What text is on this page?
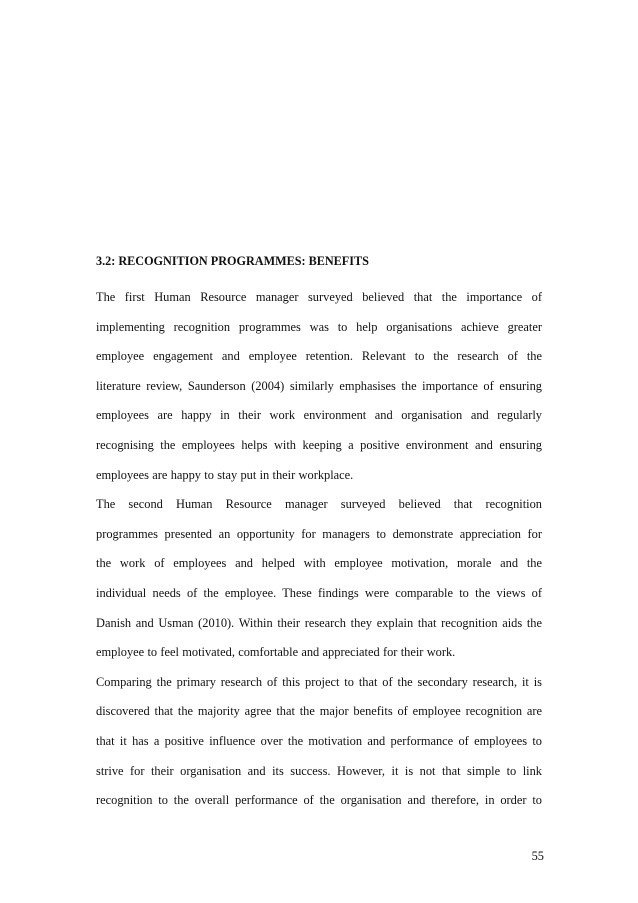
3.2: RECOGNITION PROGRAMMES: BENEFITS
The first Human Resource manager surveyed believed that the importance of
implementing recognition programmes was to help organisations achieve greater
employee engagement and employee retention. Relevant to the research of the
literature review, Saunderson (2004) similarly emphasises the importance of ensuring
employees are happy in their work environment and organisation and regularly
recognising the employees helps with keeping a positive environment and ensuring
employees are happy to stay put in their workplace.
The second Human Resource manager surveyed believed that recognition
programmes presented an opportunity for managers to demonstrate appreciation for
the work of employees and helped with employee motivation, morale and the
individual needs of the employee. These findings were comparable to the views of
Danish and Usman (2010). Within their research they explain that recognition aids the
employee to feel motivated, comfortable and appreciated for their work.
Comparing the primary research of this project to that of the secondary research, it is
discovered that the majority agree that the major benefits of employee recognition are
that it has a positive influence over the motivation and performance of employees to
strive for their organisation and its success. However, it is not that simple to link
recognition to the overall performance of the organisation and therefore, in order to
55
